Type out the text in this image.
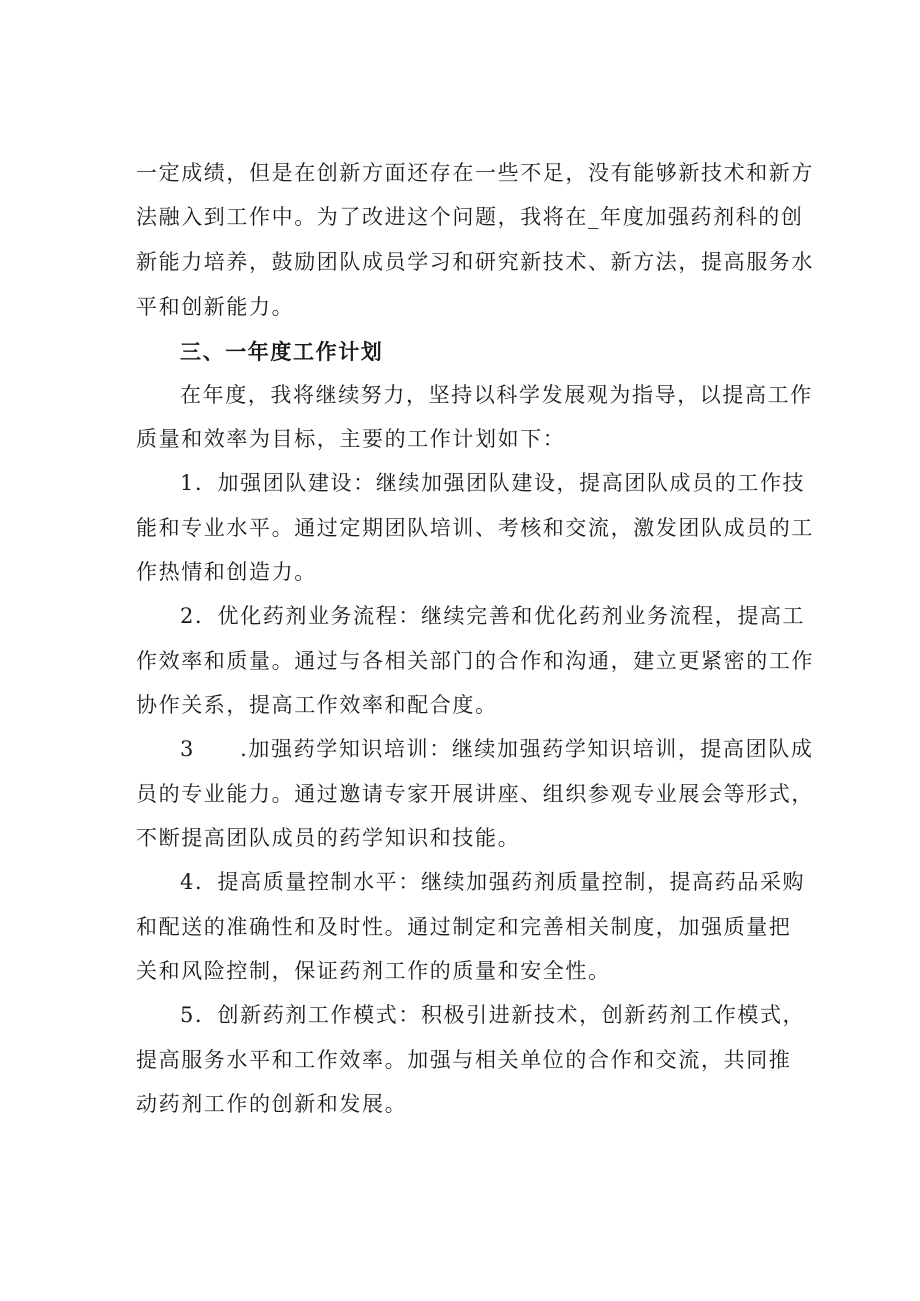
一定成绩，但是在创新方面还存在一些不足，没有能够新技术和新方
法融入到工作中。为了改进这个问题，我将在_年度加强药剂科的创
新能力培养，鼓励团队成员学习和研究新技术、新方法，提高服务水
平和创新能力。
三、一年度工作计划
在年度，我将继续努力，坚持以科学发展观为指导，以提高工作
质量和效率为目标，主要的工作计划如下：
1．加强团队建设：继续加强团队建设，提高团队成员的工作技
能和专业水平。通过定期团队培训、考核和交流，激发团队成员的工
作热情和创造力。
2．优化药剂业务流程：继续完善和优化药剂业务流程，提高工
作效率和质量。通过与各相关部门的合作和沟通，建立更紧密的工作
协作关系，提高工作效率和配合度。
3　　.加强药学知识培训：继续加强药学知识培训，提高团队成
员的专业能力。通过邀请专家开展讲座、组织参观专业展会等形式，
不断提高团队成员的药学知识和技能。
4．提高质量控制水平：继续加强药剂质量控制，提高药品采购
和配送的准确性和及时性。通过制定和完善相关制度，加强质量把
关和风险控制，保证药剂工作的质量和安全性。
5．创新药剂工作模式：积极引进新技术，创新药剂工作模式，
提高服务水平和工作效率。加强与相关单位的合作和交流，共同推
动药剂工作的创新和发展。
